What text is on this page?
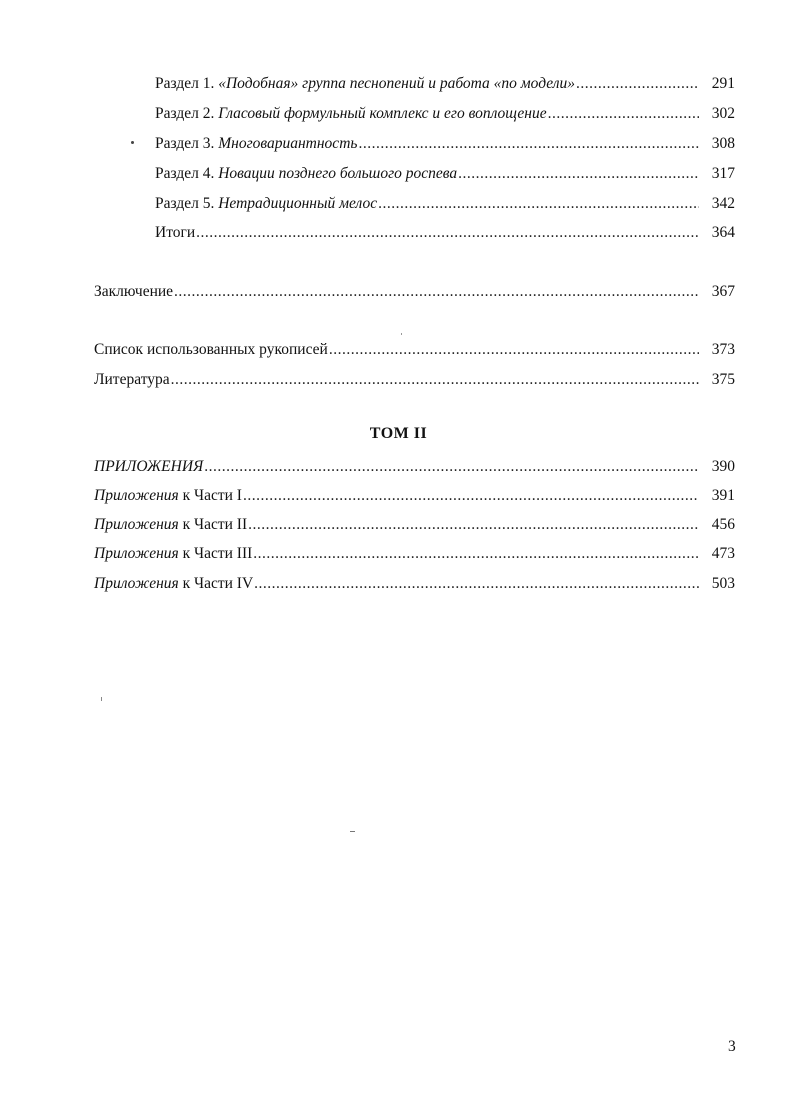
Раздел 1. «Подобная» группа песнопений и работа «по модели» .....	291
Раздел 2. Гласовый формульный комплекс и его воплощение .....	302
Раздел 3. Многовариантность .....	308
Раздел 4. Новации позднего большого роспева .....	317
Раздел 5. Нетрадиционный мелос .....	342
Итоги .....	364
Заключение .....	367
Список использованных рукописей .....	373
Литература .....	375
ТОМ II
ПРИЛОЖЕНИЯ .....	390
Приложения к Части I .....	391
Приложения к Части II .....	456
Приложения к Части III .....	473
Приложения к Части IV .....	503
3
